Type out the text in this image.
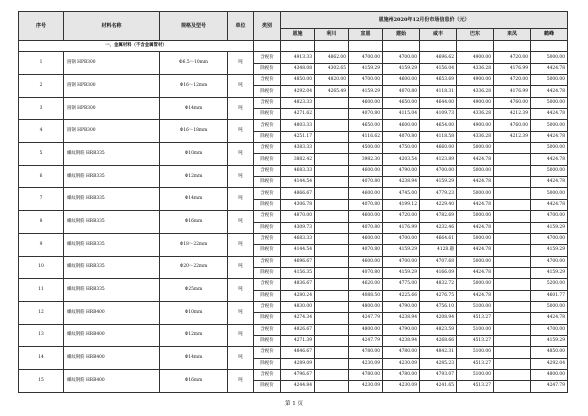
序号	材料名称	规格及型号	单位	类别	恩施州2020年12月份市场信息价（元）							
					恩施	利川	宣恩	建始	咸丰	巴东	来凤	鹤峰
一、金属材料（不含金属管材）												
1	圆钢 HPB300	Φ6.5～10mm	吨	含税价	4913.33	4862.00	4700.00	4700.00	4696.62	4900.00	4720.00	5000.00
				除税价	4348.08	4302.65	4159.29	4159.29	4156.04	4336.28	4176.99	4424.78
2	圆钢 HPB300	Φ16～12mm	吨	含税价	4850.00	4820.00	4700.00	4600.00	4653.69	4900.00	4720.00	5000.00
				除税价	4292.04	4265.49	4159.29	4070.80	4118.31	4336.28	4176.99	4424.78
3	圆钢 HPB300	Φ14mm	吨	含税价	4823.33		4600.00	4650.00	4644.00	4900.00	4760.00	5000.00
				除税价	4271.62		4070.80	4115.04	4109.73	4336.28	4212.39	4424.78
4	圆钢 HPB300	Φ16～18mm	吨	含税价	4803.33		4650.00	4600.00	4654.00	4900.00	4760.00	5000.00
				除税价	4251.17		4116.62	4070.80	4118.58	4336.28	4212.39	4424.78
5	螺纹钢筋 HRB335	Φ10mm	吨	含税价	4383.33		4500.00	4750.00	4660.00	5000.00		5000.00
				除税价	3882.42		3982.30	4203.54	4123.89	4424.78		4424.78
6	螺纹钢筋 HRB335	Φ12mm	吨	含税价	4683.33		4600.00	4790.00	4700.00	5000.00		5000.00
				除税价	4144.54		4070.80	4238.94	4159.29	4424.78		4424.78
7	螺纹钢筋 HRB335	Φ14mm	吨	含税价	4866.67		4600.00	4745.00	4779.23	5000.00		5000.00
				除税价	4306.78		4070.80	4199.12	4229.40	4424.78		4424.78
8	螺纹钢筋 HRB335	Φ16mm	吨	含税价	4870.00		4600.00	4720.00	4782.69	5000.00		4700.00
				除税价	4309.73		4070.80	4176.99	4232.46	4424.78		4159.29
9	螺纹钢筋 HRB335	Φ18～22mm	吨	含税价	4683.33		4600.00	4700.00	4664.61	5000.00		4700.00
				除税价	4144.54		4070.80	4159.29	4128.趣	4424.78		4159.29
10	螺纹钢筋 HRB335	Φ20～22mm	吨	含税价	4696.67		4600.00	4700.00	4707.68	5000.00		4700.00
				除税价	4156.35		4070.80	4159.29	4166.09	4424.78		4159.29
11	螺纹钢筋 HRB335	Φ25mm	吨	含税价	4836.67		4620.00	4775.00	4832.72	5000.00		5200.00
				除税价	4280.24		4088.50	4225.66	4276.75	4424.78		4601.77
12	螺纹钢筋 HRB400	Φ10mm	吨	含税价	4830.00		4800.00	4790.00	4756.10	5100.00		5000.00
				除税价	4274.34		4247.79	4238.94	4208.94	4513.27		4424.78
13	螺纹钢筋 HRB400	Φ12mm	吨	含税价	4826.67		4800.00	4790.00	4823.59	5100.00		4700.00
				除税价	4271.39		4247.79	4238.94	4268.66	4513.27		4159.29
14	螺纹钢筋 HRB400	Φ14mm	吨	含税价	4846.67		4780.00	4780.00	4842.31	5100.00		4850.00
				除税价	4289.09		4230.09	4230.09	4285.23	4513.27		4292.04
15	螺纹钢筋 HRB400	Φ16mm	吨	含税价	4796.67		4780.00	4780.00	4793.07	5100.00		4800.00
				除税价	4244.84		4230.09	4230.09	4241.65	4513.27		4247.79
第 1 页
